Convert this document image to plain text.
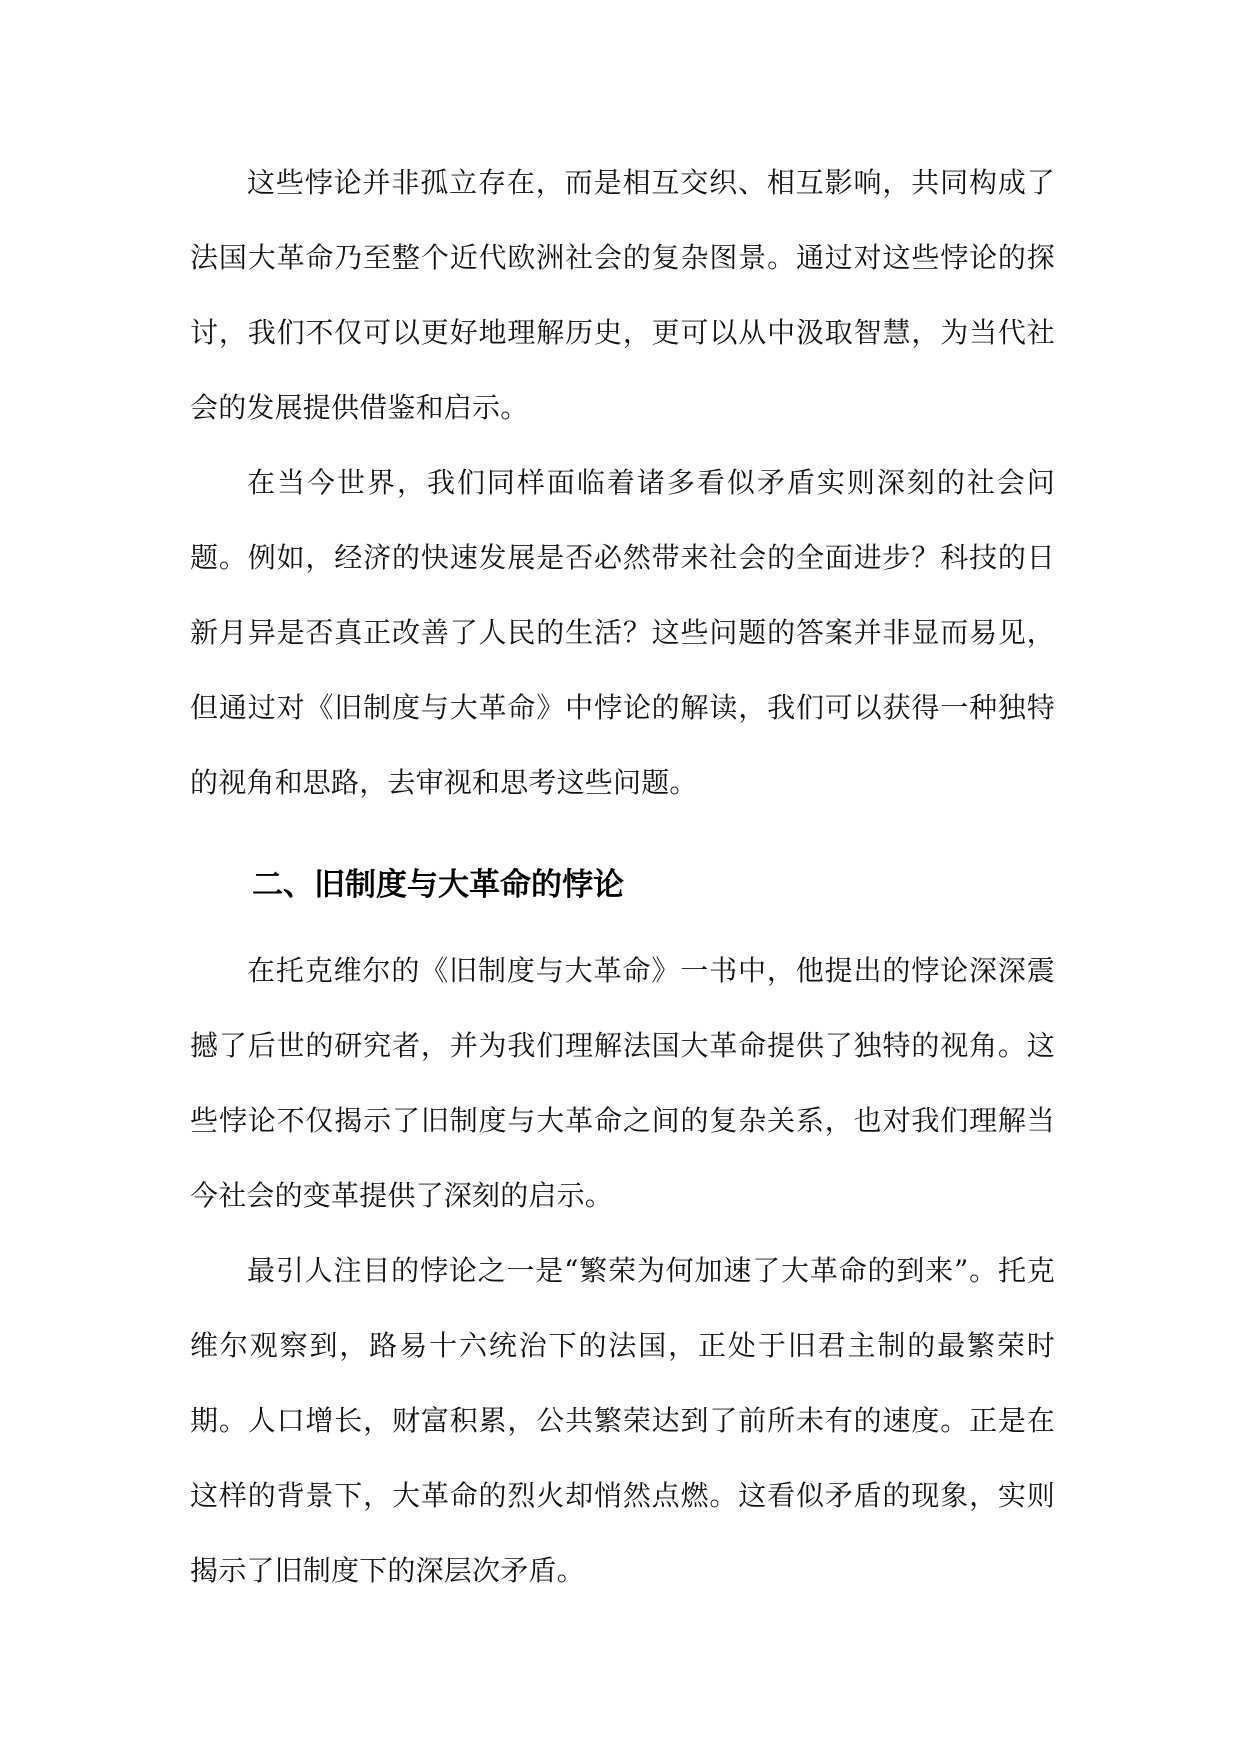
这些悖论并非孤立存在，而是相互交织、相互影响，共同构成了法国大革命乃至整个近代欧洲社会的复杂图景。通过对这些悖论的探讨，我们不仅可以更好地理解历史，更可以从中汲取智慧，为当代社会的发展提供借鉴和启示。

在当今世界，我们同样面临着诸多看似矛盾实则深刻的社会问题。例如，经济的快速发展是否必然带来社会的全面进步？科技的日新月异是否真正改善了人民的生活？这些问题的答案并非显而易见，但通过对《旧制度与大革命》中悖论的解读，我们可以获得一种独特的视角和思路，去审视和思考这些问题。

二、旧制度与大革命的悖论

在托克维尔的《旧制度与大革命》一书中，他提出的悖论深深震撼了后世的研究者，并为我们理解法国大革命提供了独特的视角。这些悖论不仅揭示了旧制度与大革命之间的复杂关系，也对我们理解当今社会的变革提供了深刻的启示。

最引人注目的悖论之一是“繁荣为何加速了大革命的到来”。托克维尔观察到，路易十六统治下的法国，正处于旧君主制的最繁荣时期。人口增长，财富积累，公共繁荣达到了前所未有的速度。正是在这样的背景下，大革命的烈火却悄然点燃。这看似矛盾的现象，实则揭示了旧制度下的深层次矛盾。
